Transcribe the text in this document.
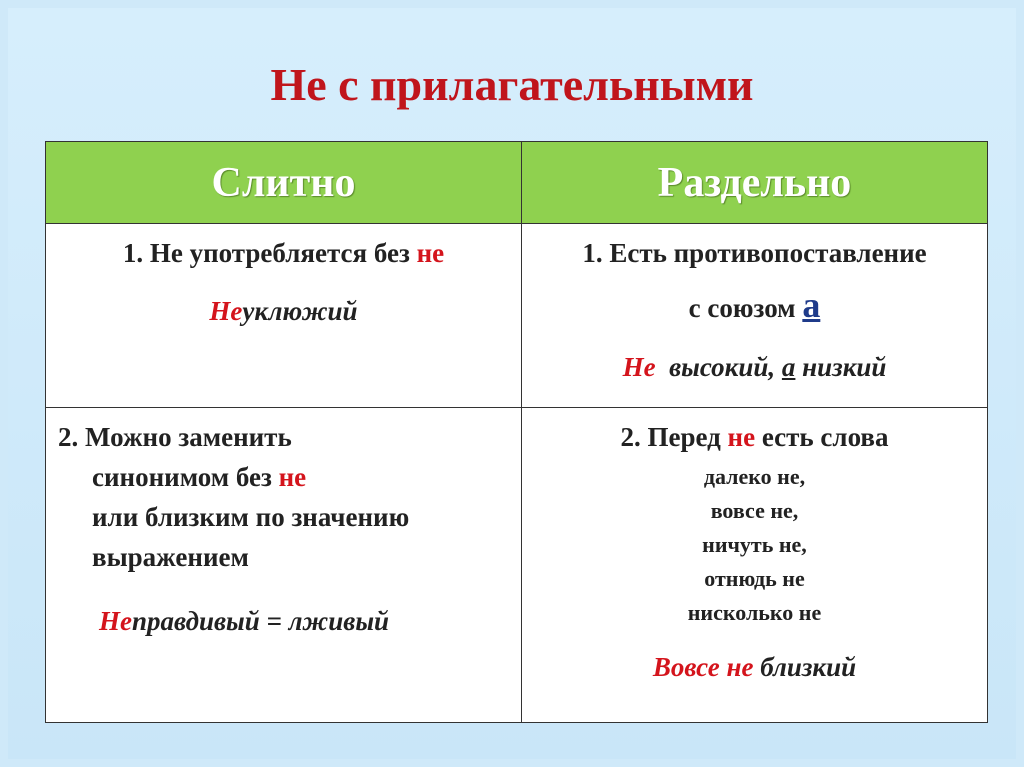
Не с прилагательными
Слитно	Раздельно
1. Не употребляется без не
Неуклюжий
1. Есть противопоставление
с союзом а
Не высокий, а низкий
2. Можно заменить
синонимом без не
или близким по значению
выражением
Неправдивый = лживый
2. Перед не есть слова
далеко не,
вовсе не,
ничуть не,
отнюдь не
нисколько не
Вовсе не близкий
